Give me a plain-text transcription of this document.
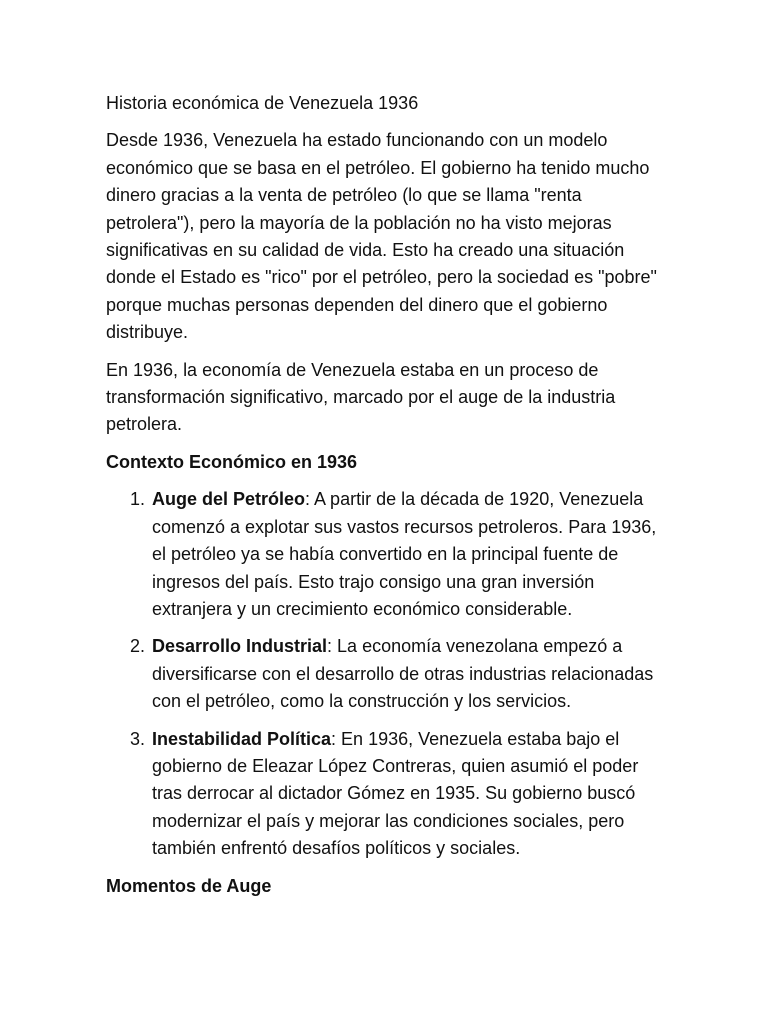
Historia económica de Venezuela 1936

Desde 1936, Venezuela ha estado funcionando con un modelo económico que se basa en el petróleo. El gobierno ha tenido mucho dinero gracias a la venta de petróleo (lo que se llama "renta petrolera"), pero la mayoría de la población no ha visto mejoras significativas en su calidad de vida. Esto ha creado una situación donde el Estado es "rico" por el petróleo, pero la sociedad es "pobre" porque muchas personas dependen del dinero que el gobierno distribuye.

En 1936, la economía de Venezuela estaba en un proceso de transformación significativo, marcado por el auge de la industria petrolera.

Contexto Económico en 1936

1. Auge del Petróleo: A partir de la década de 1920, Venezuela comenzó a explotar sus vastos recursos petroleros. Para 1936, el petróleo ya se había convertido en la principal fuente de ingresos del país. Esto trajo consigo una gran inversión extranjera y un crecimiento económico considerable.
2. Desarrollo Industrial: La economía venezolana empezó a diversificarse con el desarrollo de otras industrias relacionadas con el petróleo, como la construcción y los servicios.
3. Inestabilidad Política: En 1936, Venezuela estaba bajo el gobierno de Eleazar López Contreras, quien asumió el poder tras derrocar al dictador Gómez en 1935. Su gobierno buscó modernizar el país y mejorar las condiciones sociales, pero también enfrentó desafíos políticos y sociales.

Momentos de Auge
